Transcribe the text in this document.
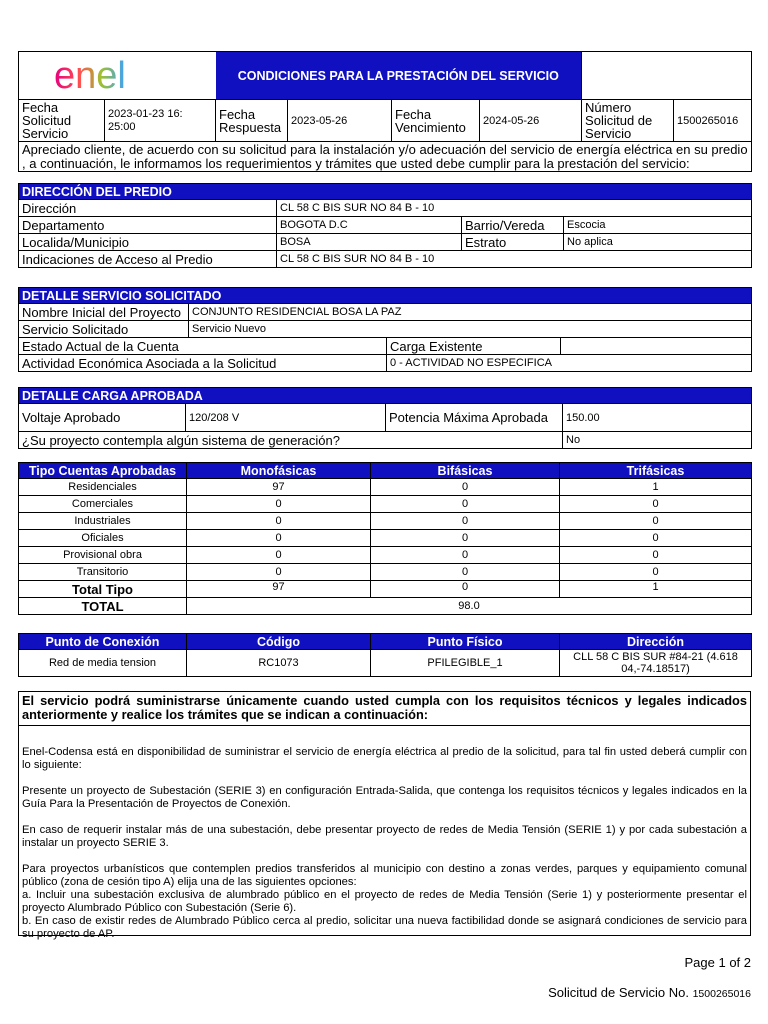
enel		CONDICIONES PARA LA PRESTACIÓN DEL SERVICIO					
Fecha Solicitud Servicio	2023-01-23 16: 25:00	Fecha Respuesta	2023-05-26	Fecha Vencimiento	2024-05-26	Número Solicitud de Servicio	1500265016
Apreciado cliente, de acuerdo con su solicitud para la instalación y/o adecuación del servicio de energía eléctrica en su predio , a continuación, le informamos los requerimientos y trámites que usted debe cumplir para la prestación del servicio:							
DIRECCIÓN DEL PREDIO			
Dirección	CL 58 C BIS SUR NO 84 B - 10		
Departamento	BOGOTA D.C	Barrio/Vereda	Escocia
Localida/Municipio	BOSA	Estrato	No aplica
Indicaciones de Acceso al Predio	CL 58 C BIS SUR NO 84 B - 10		
DETALLE SERVICIO SOLICITADO			
Nombre Inicial del Proyecto	CONJUNTO RESIDENCIAL BOSA LA PAZ		
Servicio Solicitado	Servicio Nuevo		
Estado Actual de la Cuenta		Carga Existente	
Actividad Económica Asociada a la Solicitud		0 - ACTIVIDAD NO ESPECIFICA	
DETALLE CARGA APROBADA			
Voltaje Aprobado	120/208 V	Potencia Máxima Aprobada	150.00
¿Su proyecto contempla algún sistema de generación?			No
Tipo Cuentas Aprobadas	Monofásicas	Bifásicas	Trifásicas
Residenciales	97	0	1
Comerciales	0	0	0
Industriales	0	0	0
Oficiales	0	0	0
Provisional obra	0	0	0
Transitorio	0	0	0
Total Tipo	97	0	1
TOTAL	98.0		
Punto de Conexión	Código	Punto Físico	Dirección
Red de media tension	RC1073	PFILEGIBLE_1	CLL 58 C BIS SUR #84-21 (4.618 04,-74.18517)
El servicio podrá suministrarse únicamente cuando usted cumpla con los requisitos técnicos y legales indicados anteriormente y realice los trámites que se indican a continuación:
Enel-Codensa está en disponibilidad de suministrar el servicio de energía eléctrica al predio de la solicitud, para tal fin usted deberá cumplir con lo siguiente:
Presente un proyecto de Subestación (SERIE 3) en configuración Entrada-Salida, que contenga los requisitos técnicos y legales indicados en la Guía Para la Presentación de Proyectos de Conexión.
En caso de requerir instalar más de una subestación, debe presentar proyecto de redes de Media Tensión (SERIE 1) y por cada subestación a instalar un proyecto SERIE 3.
Para proyectos urbanísticos que contemplen predios transferidos al municipio con destino a zonas verdes, parques y equipamiento comunal público (zona de cesión tipo A) elija una de las siguientes opciones:
a. Incluir una subestación exclusiva de alumbrado público en el proyecto de redes de Media Tensión (Serie 1) y posteriormente presentar el proyecto Alumbrado Público con Subestación (Serie 6).
b. En caso de existir redes de Alumbrado Público cerca al predio, solicitar una nueva factibilidad donde se asignará condiciones de servicio para su proyecto de AP.
Page 1 of 2
Solicitud de Servicio No. 1500265016
